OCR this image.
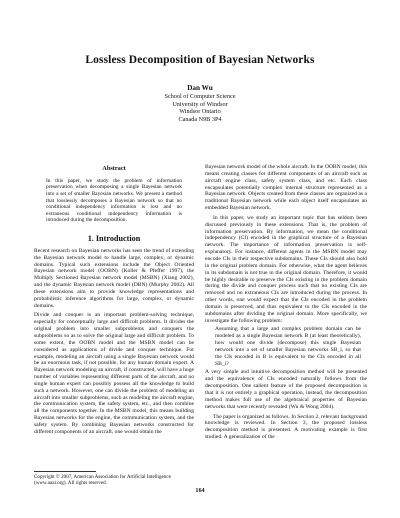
Lossless Decomposition of Bayesian Networks
Dan Wu
School of Computer Science
University of Windsor
Windsor Ontario
Canada N9B 3P4
Abstract

In this paper, we study the problem of information preservation when decomposing a single Bayesian network into a set of smaller Bayesian networks. We present a method that losslessly decomposes a Bayesian network so that no conditional independency information is lost and no extraneous conditional independency information is introduced during the decomposition.

1. Introduction

Recent research on Bayesian networks has seen the trend of extending the Bayesian network model to handle large, complex, or dynamic domains. Typical such extensions include the Object Oriented Bayesian network model (OOBN) (Koller & Pfeffer 1997), the Multiply Sectioned Bayesian network model (MSBN) (Xiang 2002), and the dynamic Bayesian network model (DBN) (Murphy 2002). All these extensions aim to provide knowledge representations and probabilistic inference algorithms for large, complex, or dynamic domains.

Divide and conquer is an important problem-solving technique, especially for conceptually large and difficult problems. It divides the original problem into smaller subproblems and conquers the subproblems so as to solve the original large and difficult problem. To some extent, the OOBN model and the MSBN model can be considered as applications of divide and conquer technique. For example, modeling an aircraft using a single Bayesian network would be an enormous task, if not possible, for any human domain expert. A Bayesian network modeling an aircraft, if constructed, will have a huge number of variables representing different parts of the aircraft, and no single human expert can possibly possess all the knowledge to build such a network. However, one can divide the problem of modeling an aircraft into smaller subproblems, such as modeling the aircraft engine, the communication system, the safety system, etc., and then combine all the components together. In the MSBN model, this means building Bayesian networks for the engine, the communication system, and the safety system. By combining Bayesian networks constructed for different components of an aircraft, one would obtain the

Bayesian network model of the whole aircraft. In the OOBN model, this means creating classes for different components of an aircraft such as aircraft engine class, safety system class, and etc. Each class encapsulates potentially complex internal structure represented as a Bayesian network. Objects created from these classes are organized as a traditional Bayesian network while each object itself encapsulates an embedded Bayesian network.

In this paper, we study an important topic that has seldom been discussed previously in these extensions. That is, the problem of information preservation. By information, we mean the conditional independency (CI) encoded in the graphical structure of a Bayesian network. The importance of information preservation is self-explanatory. For instance, different agents in the MSBN model may encode CIs in their respective subdomains. These CIs should also hold in the original problem domain. For otherwise, what the agent believes in its subdomain is not true in the original domain. Therefore, it would be highly desirable to preserve the CIs existing in the problem domain during the divide and conquer process such that no existing CIs are removed and no extraneous CIs are introduced during the process. In other words, one would expect that the CIs encoded in the problem domain is preserved, and thus equivalent to the CIs encoded in the subdomains after dividing the original domain. More specifically, we investigate the following problem:

Assuming that a large and complex problem domain can be modeled as a single Bayesian network B (at least theoretically), how would one divide (decompose) this single Bayesian network into a set of smaller Bayesian networks SB_i, so that the CIs encoded in B is equivalent to the CIs encoded in all SB_i?

A very simple and intuitive decomposition method will be presented and the equivalence of CIs encoded naturally follows from the decomposition. One salient feature of the proposed decomposition is that it is not entirely a graphical operation, instead, the decomposition method makes full use of the algebraical properties of Bayesian networks that were recently revealed (Wu & Wong 2004).

The paper is organized as follows. In Section 2, relevant background knowledge is reviewed. In Section 3, the proposed lossless decomposition method is presented. A motivating example is first studied. A generalization of the

Copyright © 2007, American Association for Artificial Intelligence (www.aaai.org). All rights reserved.
164
